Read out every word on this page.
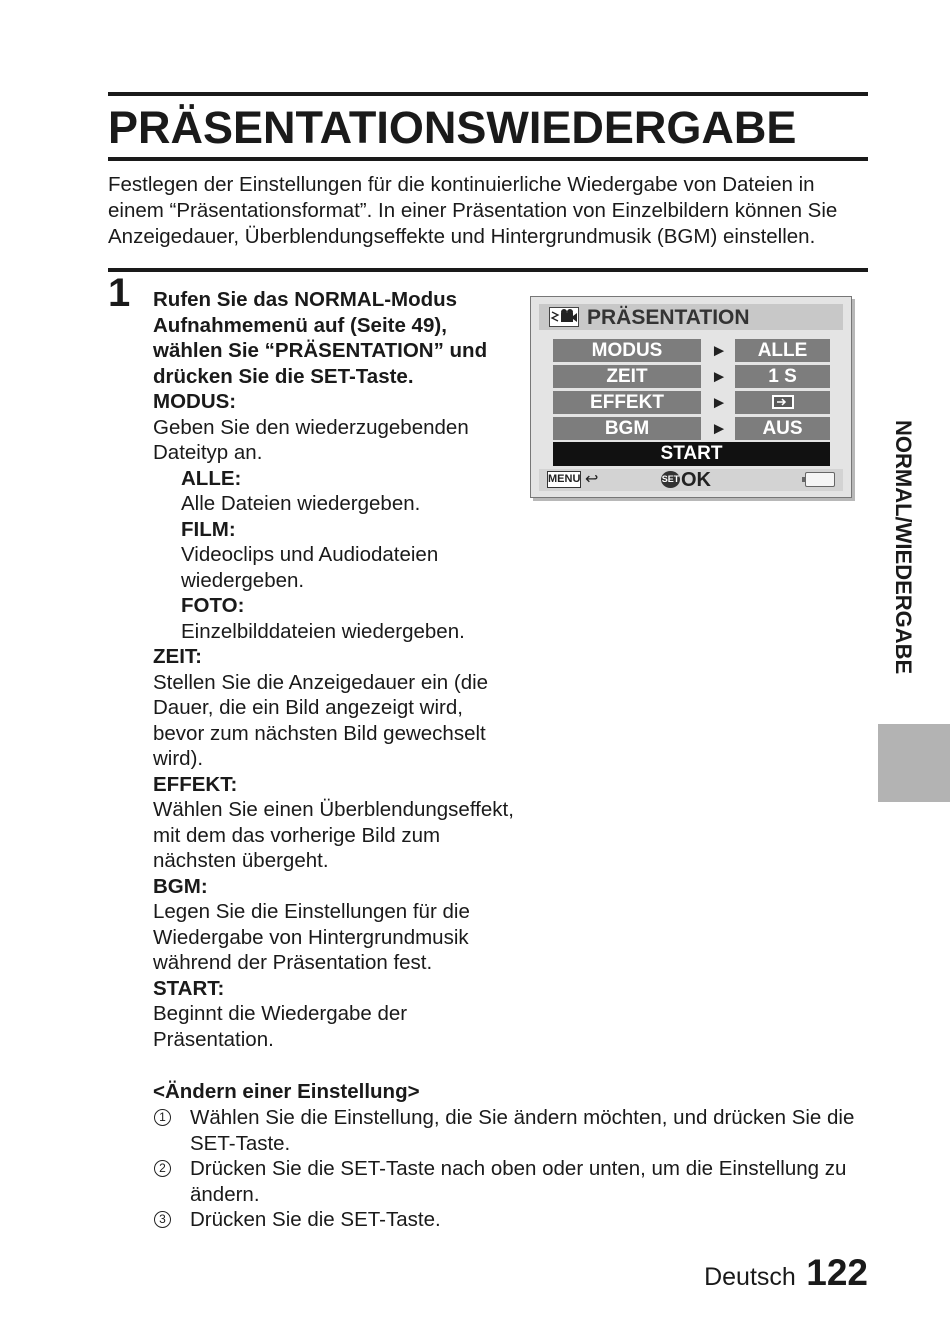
PRÄSENTATIONSWIEDERGABE

Festlegen der Einstellungen für die kontinuierliche Wiedergabe von Dateien in einem “Präsentationsformat”. In einer Präsentation von Einzelbildern können Sie Anzeigedauer, Überblendungseffekte und Hintergrundmusik (BGM) einstellen.

1 Rufen Sie das NORMAL-Modus Aufnahmemenü auf (Seite 49), wählen Sie “PRÄSENTATION” und drücken Sie die SET-Taste.

MODUS:

Geben Sie den wiederzugebenden Dateityp an.

ALLE:

Alle Dateien wiedergeben.

FILM:

Videoclips und Audiodateien wiedergeben.

FOTO:

Einzelbilddateien wiedergeben.

ZEIT:

Stellen Sie die Anzeigedauer ein (die Dauer, die ein Bild angezeigt wird, bevor zum nächsten Bild gewechselt wird).

EFFEKT:

Wählen Sie einen Überblendungseffekt, mit dem das vorherige Bild zum nächsten übergeht.

BGM:

Legen Sie die Einstellungen für die Wiedergabe von Hintergrundmusik während der Präsentation fest.

START:

Beginnt die Wiedergabe der Präsentation.

PRÄSENTATION
MODUS	►	ALLE
ZEIT	►	1 S
EFFEKT	►
BGM	►	AUS
START
MENU ↩	SET OK	NORMAL/WIEDERGABE
<Ändern einer Einstellung>
1 Wählen Sie die Einstellung, die Sie ändern möchten, und drücken Sie die SET-Taste.
2 Drücken Sie die SET-Taste nach oben oder unten, um die Einstellung zu ändern.
3 Drücken Sie die SET-Taste.
Deutsch 122
